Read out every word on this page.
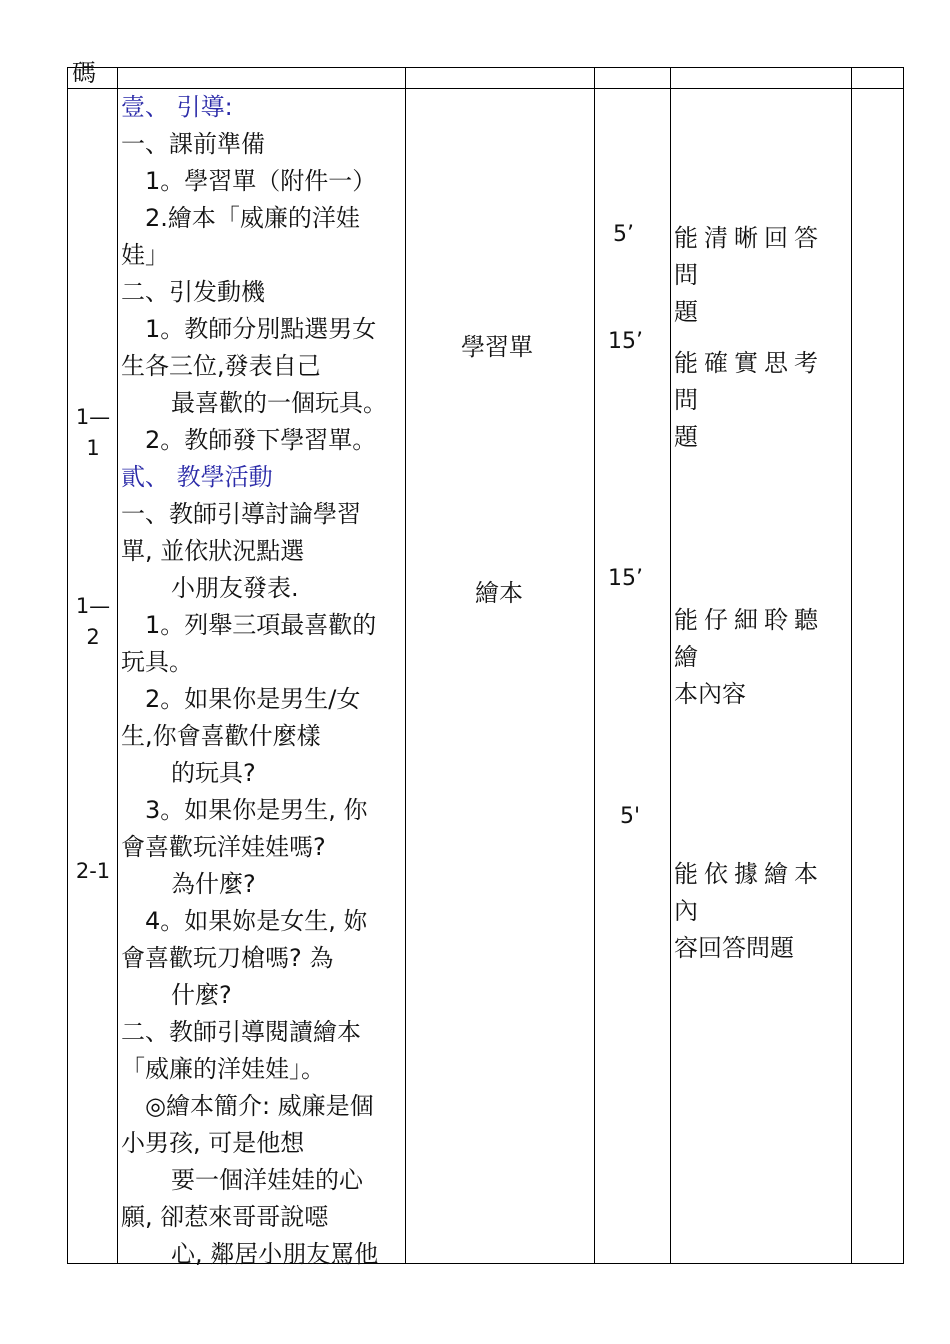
碼
1—
1
1—
2
2-1
壹、 引導:
一、課前準備
1。學習單（附件一）
2.繪本「威廉的洋娃
娃」
二、引发動機
1。教師分別點選男女
生各三位,發表自己
最喜歡的一個玩具。
2。教師發下學習單。
貳、 教學活動
一、教師引導討論學習
單, 並依狀況點選
小朋友發表.
1。列舉三項最喜歡的
玩具。
2。如果你是男生/女
生,你會喜歡什麼樣
的玩具?
3。如果你是男生, 你
會喜歡玩洋娃娃嗎?
為什麼?
4。如果妳是女生, 妳
會喜歡玩刀槍嗎? 為
什麼?
二、教師引導閱讀繪本
「威廉的洋娃娃」。
◎繪本簡介: 威廉是個
小男孩, 可是他想
要一個洋娃娃的心
願, 卻惹來哥哥說噁
心, 鄰居小朋友罵他
學習單
繪本
5’
15’
15’
5'
能清晰回答問
題
能確實思考問
題
能仔細聆聽繪
本內容
能依據繪本內
容回答問題
